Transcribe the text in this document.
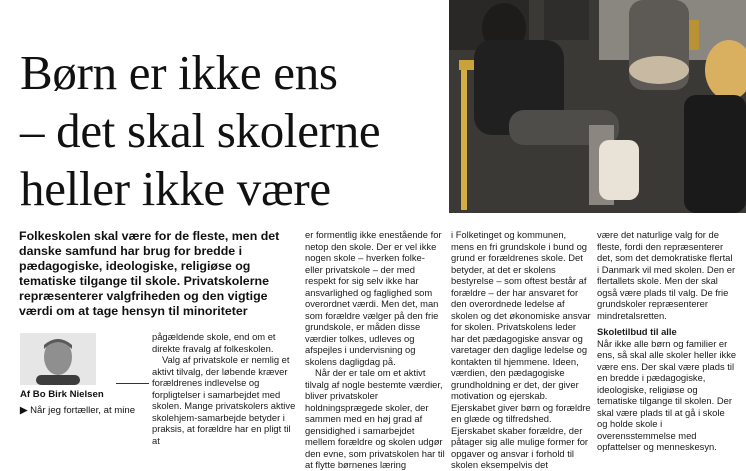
Børn er ikke ens
– det skal skolerne
heller ikke være

Folkeskolen skal være for de fleste, men det danske samfund har brug for bredde i pædagogiske, ideologiske, religiøse og tematiske tilgange til skole. Privatskolerne repræsenterer valgfriheden og den vigtige værdi om at tage hensyn til minoriteter

Af Bo Birk Nielsen

▶ Når jeg fortæller, at mine

pågældende skole, end om et direkte fravalg af folkeskolen.

Valg af privatskole er nemlig et aktivt tilvalg, der løbende kræver forældrenes indlevelse og forpligtelser i samarbejdet med skolen. Mange privatskolers aktive skolehjem-samarbejde betyder i praksis, at forældre har en pligt til at

er formentlig ikke enestående for netop den skole. Der er vel ikke nogen skole – hverken folke- eller privatskole – der med respekt for sig selv ikke har ansvarlighed og faglighed som overordnet værdi. Men det, man som forældre vælger på den frie grundskole, er måden disse værdier tolkes, udleves og afspejles i undervisning og skolens dagligdag på.

Når der er tale om et aktivt tilvalg af nogle bestemte værdier, bliver privatskoler holdningsprægede skoler, der sammen med en høj grad af gensidighed i samarbejdet mellem forældre og skolen udgør den evne, som privatskolen har til at flytte børnenes læring

i Folketinget og kommunen, mens en fri grundskole i bund og grund er forældrenes skole. Det betyder, at det er skolens bestyrelse – som oftest består af forældre – der har ansvaret for den overordnede ledelse af skolen og det økonomiske ansvar for skolen. Privatskolens leder har det pædagogiske ansvar og varetager den daglige ledelse og kontakten til hjemmene. Ideen, værdien, den pædagogiske grundholdning er det, der giver motivation og ejerskab. Ejerskabet giver børn og forældre en glæde og tilfredshed. Ejerskabet skaber forældre, der påtager sig alle mulige former for opgaver og ansvar i forhold til skolen eksempelvis det

være det naturlige valg for de fleste, fordi den repræsenterer det, som det demokratiske flertal i Danmark vil med skolen. Den er flertallets skole. Men der skal også være plads til valg. De frie grundskoler repræsenterer mindretalsretten.

Skoletilbud til alle

Når ikke alle børn og familier er ens, så skal alle skoler heller ikke være ens. Der skal være plads til en bredde i pædagogiske, ideologiske, religiøse og tematiske tilgange til skolen. Der skal være plads til at gå i skole og holde skole i overensstemmelse med opfattelser og menneskesyn.
